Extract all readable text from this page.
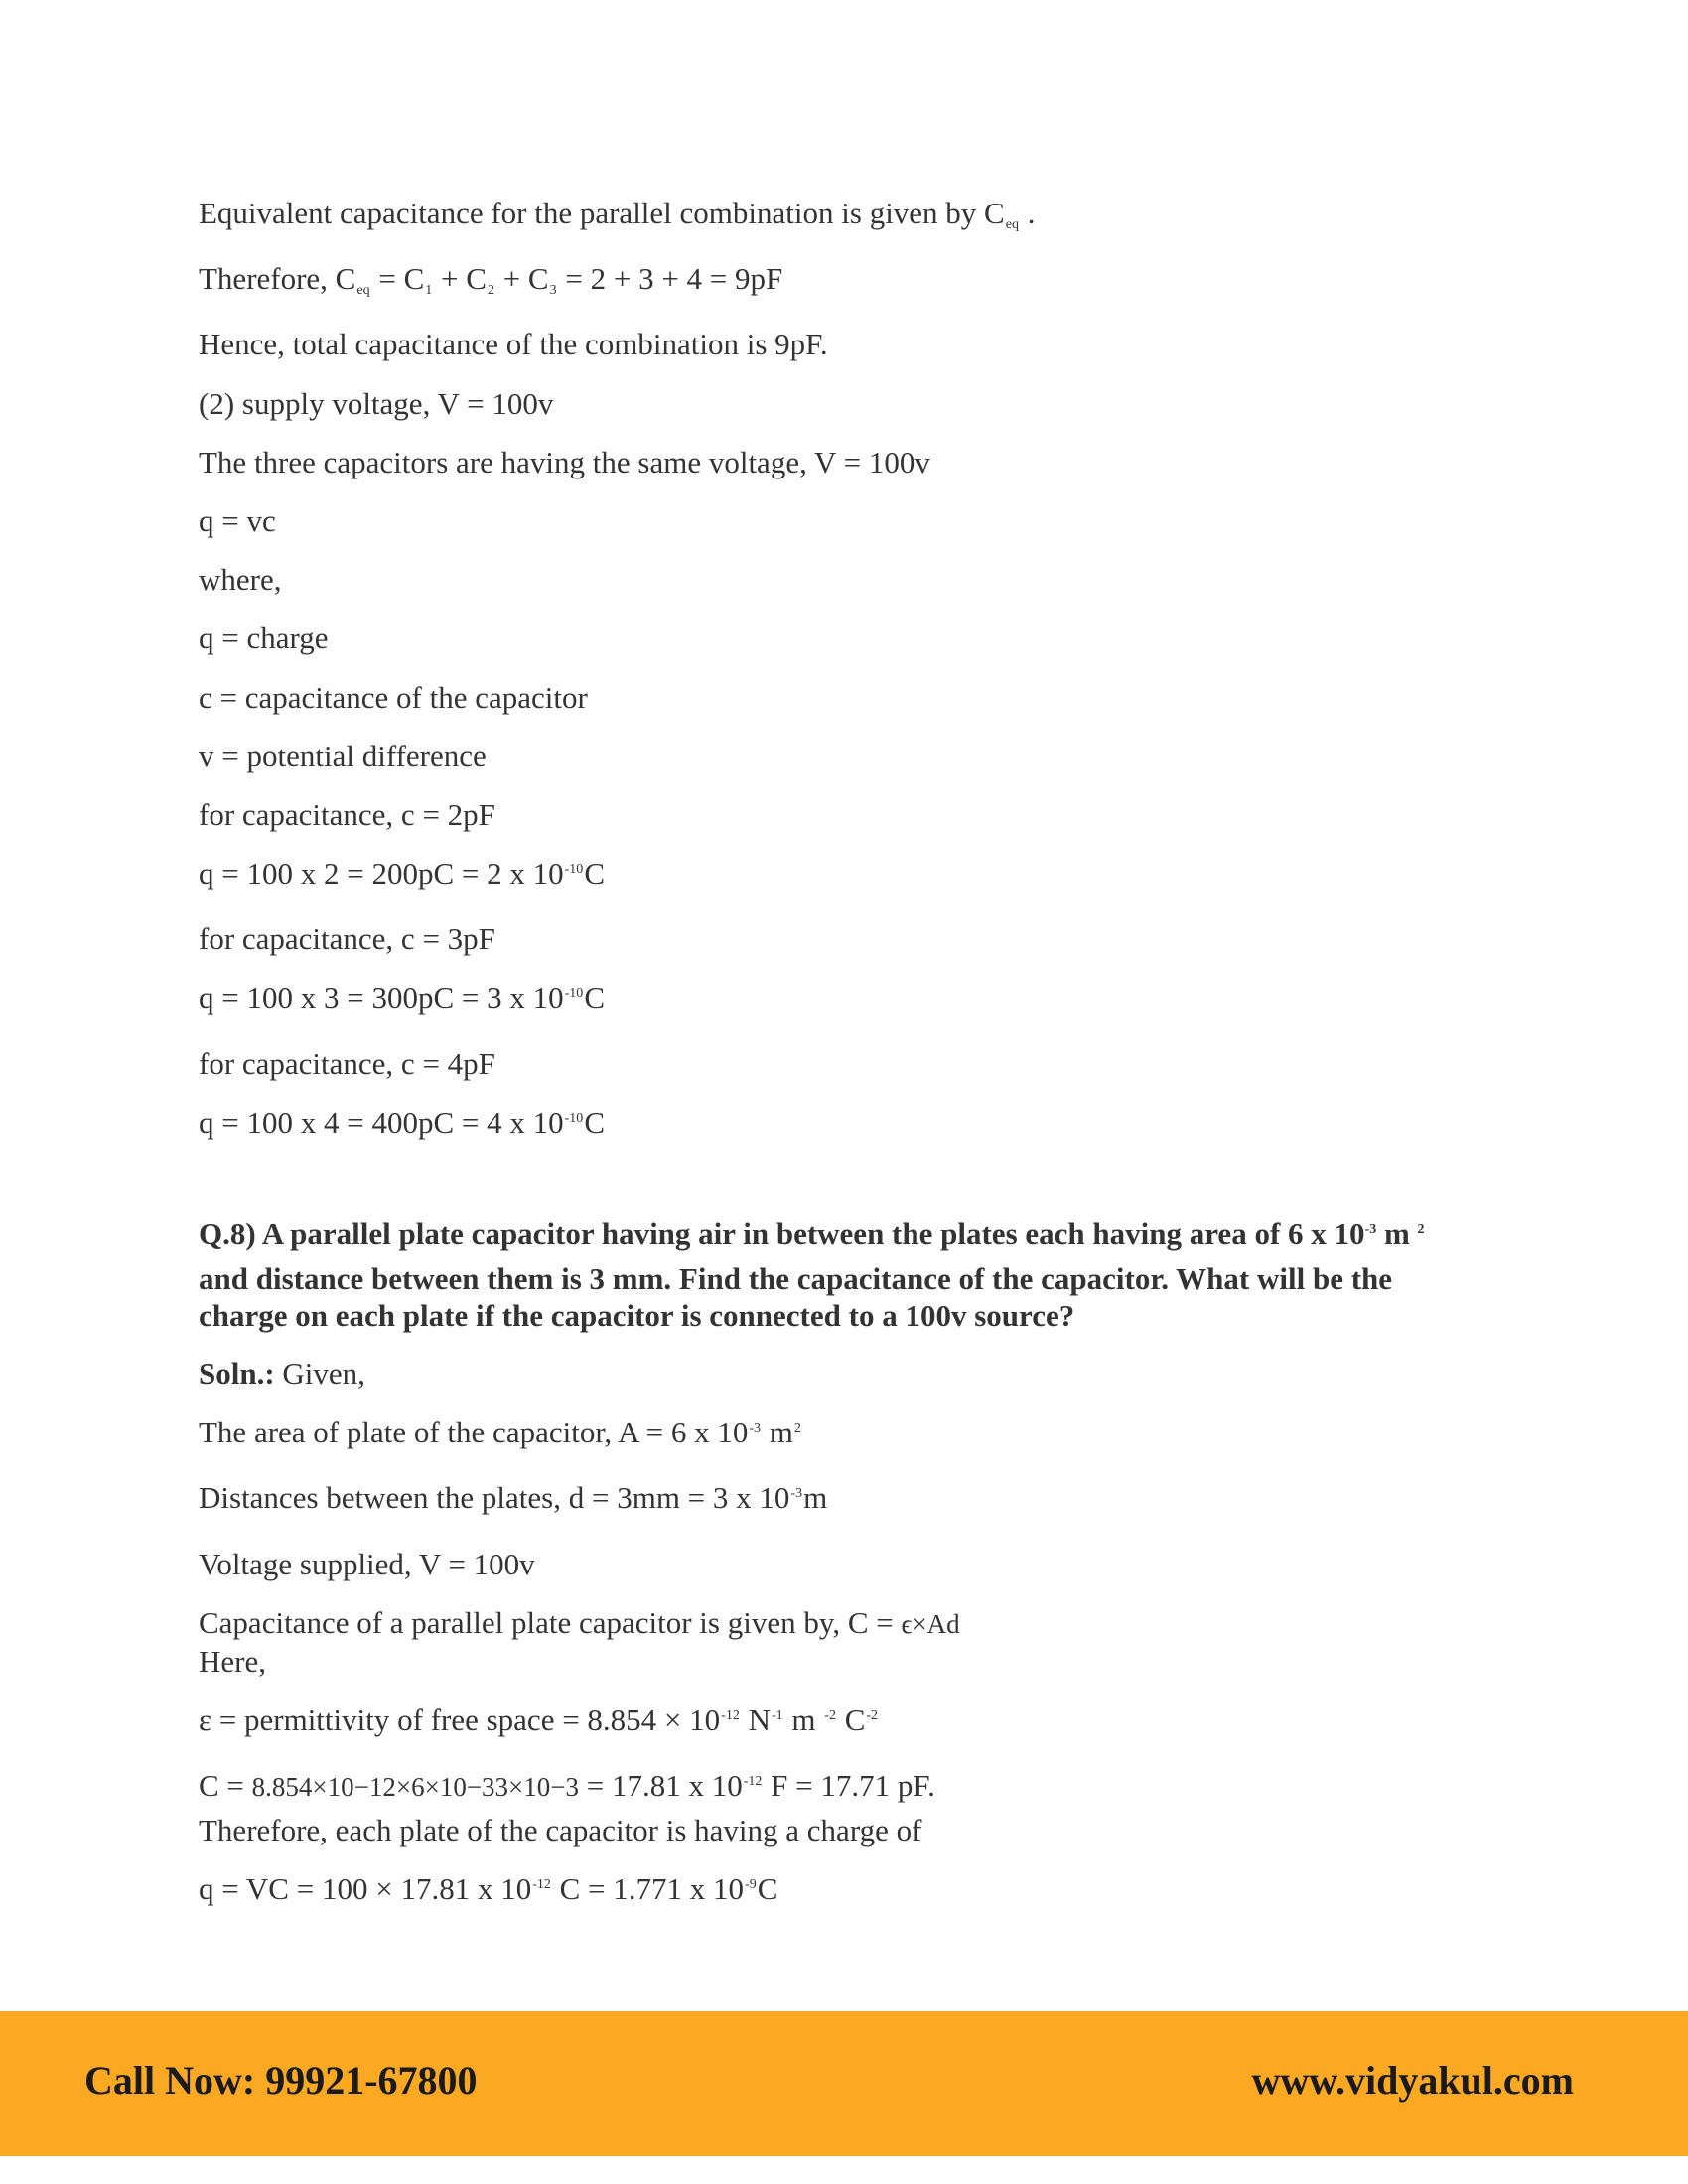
Equivalent capacitance for the parallel combination is given by Ceq .
Therefore, Ceq = C1 + C2 + C3 = 2 + 3 + 4 = 9pF
Hence, total capacitance of the combination is 9pF.
(2) supply voltage, V = 100v
The three capacitors are having the same voltage, V = 100v
q = vc
where,
q = charge
c = capacitance of the capacitor
v = potential difference
for capacitance, c = 2pF
q = 100 x 2 = 200pC = 2 x $10^{-10}C$
for capacitance, c = 3pF
q = 100 x 3 = 300pC = 3 x $10^{-10}C$
for capacitance, c = 4pF
q = 100 x 4 = 400pC = 4 x $10^{-10}C$
Q.8) A parallel plate capacitor having air in between the plates each having area of 6 x $10^{-3}$ m $^2$ and distance between them is 3 mm. Find the capacitance of the capacitor. What will be the charge on each plate if the capacitor is connected to a 100v source?
Soln.: Given,
The area of plate of the capacitor, A = 6 x $10^{-3}$ $m^2$
Distances between the plates, d = 3mm = 3 x $10^{-3}m$
Voltage supplied, V = 100v
Capacitance of a parallel plate capacitor is given by, C = ϵ×Ad
Here,
ε = permittivity of free space = $8.854 \times 10^{-12}$ $N^{-1}$ m $^{-2}$ $C^{-2}$
C = 8.854×10−12×6×10−33×10−3 = 17.81 x $10^{-12}$ F = 17.71 pF.
Therefore, each plate of the capacitor is having a charge of
q = VC = 100 × 17.81 x $10^{-12}$ C = 1.771 x $10^{-9}C$
Call Now: 99921-67800	www.vidyakul.com
